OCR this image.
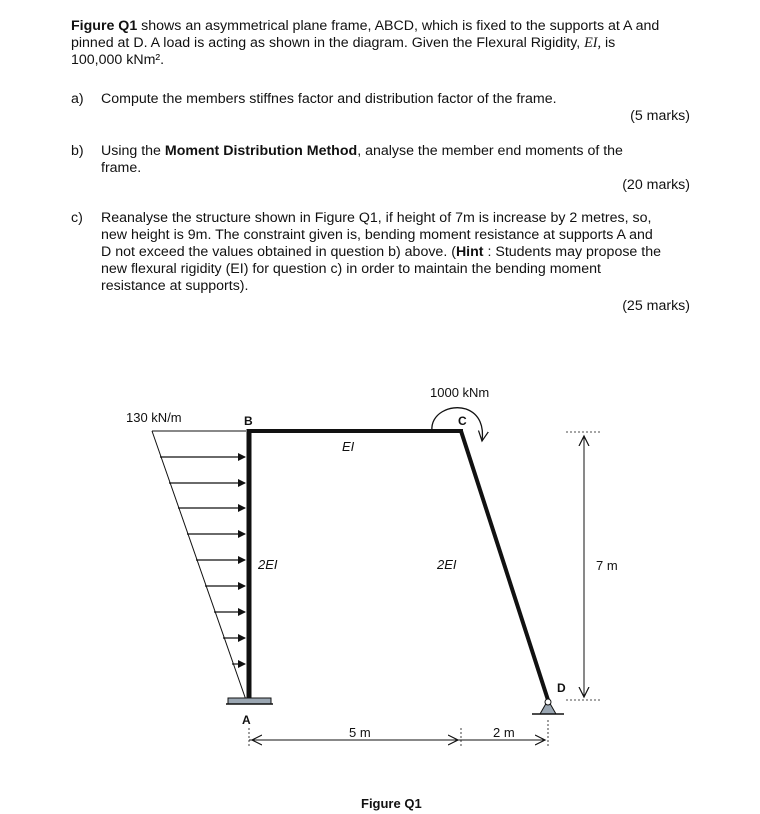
Figure Q1 shows an asymmetrical plane frame, ABCD, which is fixed to the supports at A and
pinned at D. A load is acting as shown in the diagram. Given the Flexural Rigidity, EI, is
100,000 kNm².
a) Compute the members stiffnes factor and distribution factor of the frame.
(5 marks)
b) Using the Moment Distribution Method, analyse the member end moments of the
frame.
(20 marks)
c) Reanalyse the structure shown in Figure Q1, if height of 7m is increase by 2 metres, so,
new height is 9m. The constraint given is, bending moment resistance at supports A and
D not exceed the values obtained in question b) above. (Hint : Students may propose the
new flexural rigidity (EI) for question c) in order to maintain the bending moment
resistance at supports).
(25 marks)
130 kN/m
1000 kNm
B	C
D
A
EI
2EI	2EI
5 m	2 m
7 m
Figure Q1
